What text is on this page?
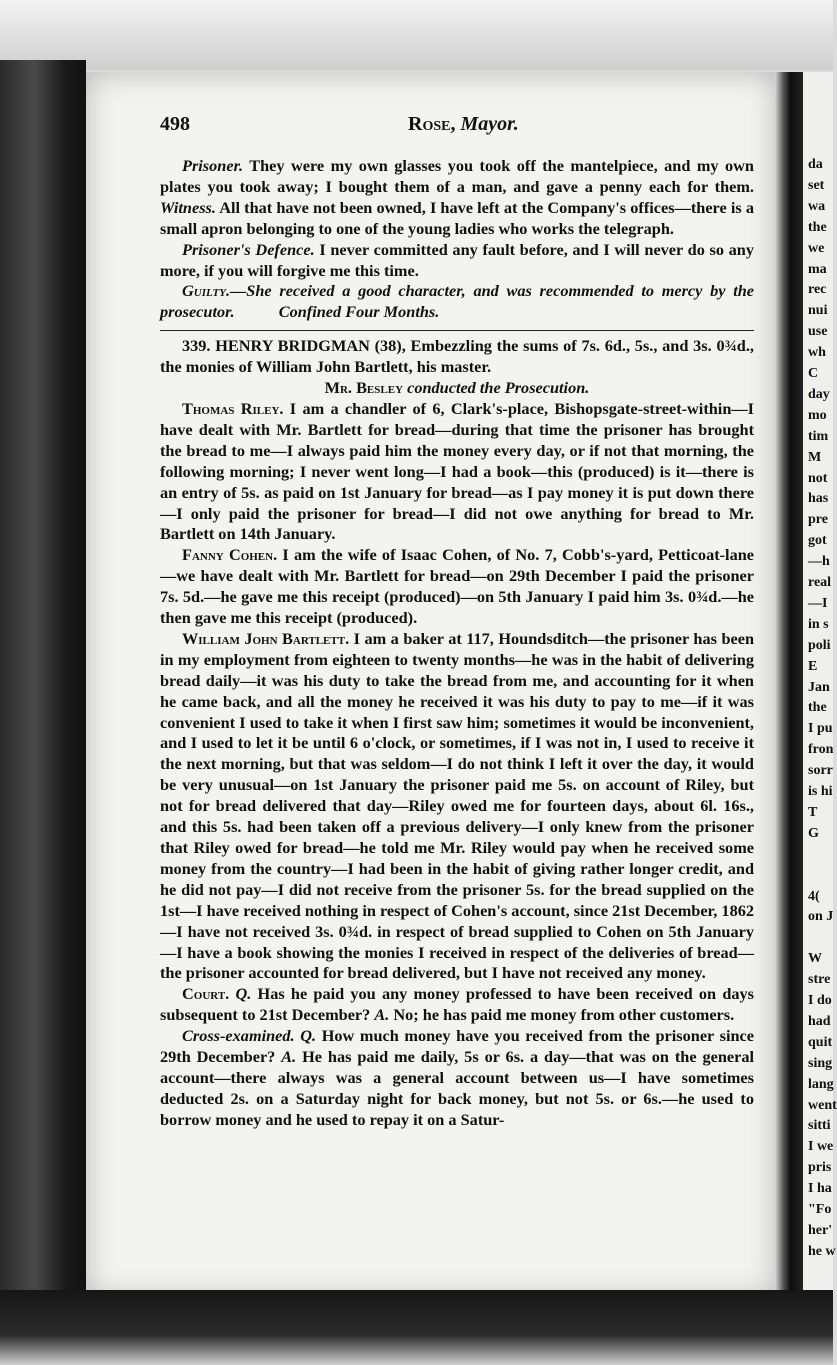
da
set
wa
the
we
ma
rec
nui
use
wh
C
day
mo
tim
M
not
has
pre
got
—h
real
—I
in s
poli
E
Jan
the
I pu
fron
sorr
is hi
T
G
4(
on J
W
stre
I do
had
quit
sing
lang
went
sitti
I we
pris
I ha
"Fo
her'
he w
498	Rose, Mayor.

Prisoner. They were my own glasses you took off the mantelpiece, and my own plates you took away; I bought them of a man, and gave a penny each for them. Witness. All that have not been owned, I have left at the Company's offices—there is a small apron belonging to one of the young ladies who works the telegraph.

Prisoner's Defence. I never committed any fault before, and I will never do so any more, if you will forgive me this time.

Guilty.—She received a good character, and was recommended to mercy by the prosecutor.	Confined Four Months.

339. HENRY BRIDGMAN (38), Embezzling the sums of 7s. 6d., 5s., and 3s. 0¾d., the monies of William John Bartlett, his master.

Mr. Besley conducted the Prosecution.

Thomas Riley. I am a chandler of 6, Clark's-place, Bishopsgate-street-within—I have dealt with Mr. Bartlett for bread—during that time the prisoner has brought the bread to me—I always paid him the money every day, or if not that morning, the following morning; I never went long—I had a book—this (produced) is it—there is an entry of 5s. as paid on 1st January for bread—as I pay money it is put down there—I only paid the prisoner for bread—I did not owe anything for bread to Mr. Bartlett on 14th January.

Fanny Cohen. I am the wife of Isaac Cohen, of No. 7, Cobb's-yard, Petticoat-lane—we have dealt with Mr. Bartlett for bread—on 29th December I paid the prisoner 7s. 5d.—he gave me this receipt (produced)—on 5th January I paid him 3s. 0¾d.—he then gave me this receipt (produced).

William John Bartlett. I am a baker at 117, Houndsditch—the prisoner has been in my employment from eighteen to twenty months—he was in the habit of delivering bread daily—it was his duty to take the bread from me, and accounting for it when he came back, and all the money he received it was his duty to pay to me—if it was convenient I used to take it when I first saw him; sometimes it would be inconvenient, and I used to let it be until 6 o'clock, or sometimes, if I was not in, I used to receive it the next morning, but that was seldom—I do not think I left it over the day, it would be very unusual—on 1st January the prisoner paid me 5s. on account of Riley, but not for bread delivered that day—Riley owed me for fourteen days, about 6l. 16s., and this 5s. had been taken off a previous delivery—I only knew from the prisoner that Riley owed for bread—he told me Mr. Riley would pay when he received some money from the country—I had been in the habit of giving rather longer credit, and he did not pay—I did not receive from the prisoner 5s. for the bread supplied on the 1st—I have received nothing in respect of Cohen's account, since 21st December, 1862—I have not received 3s. 0¾d. in respect of bread supplied to Cohen on 5th January—I have a book showing the monies I received in respect of the deliveries of bread—the prisoner accounted for bread delivered, but I have not received any money.

Court. Q. Has he paid you any money professed to have been received on days subsequent to 21st December? A. No; he has paid me money from other customers.

Cross-examined. Q. How much money have you received from the prisoner since 29th December? A. He has paid me daily, 5s or 6s. a day—that was on the general account—there always was a general account between us—I have sometimes deducted 2s. on a Saturday night for back money, but not 5s. or 6s.—he used to borrow money and he used to repay it on a Satur-
